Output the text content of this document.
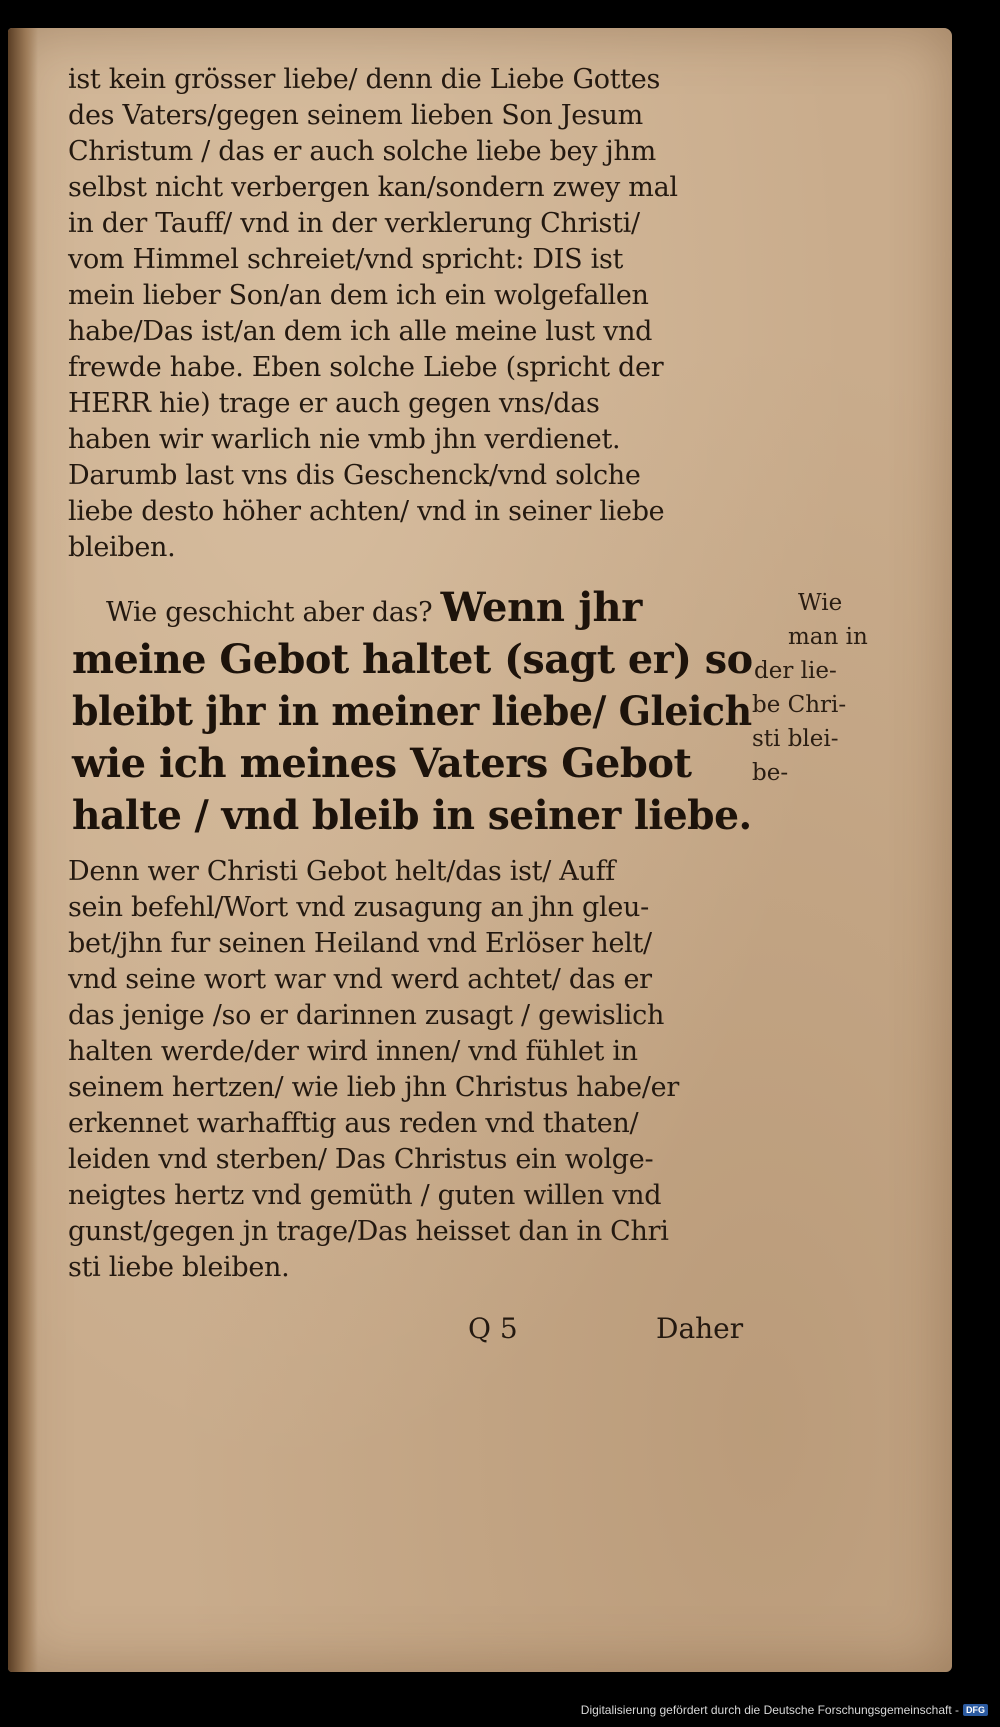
ist kein grösser liebe/ denn die Liebe Gottes

des Vaters/gegen seinem lieben Son Jesum

Christum / das er auch solche liebe bey jhm

selbst nicht verbergen kan/sondern zwey mal

in der Tauff/ vnd in der verklerung Christi/

vom Himmel schreiet/vnd spricht: DIS ist

mein lieber Son/an dem ich ein wolgefallen

habe/Das ist/an dem ich alle meine lust vnd

frewde habe. Eben solche Liebe (spricht der

HERR hie) trage er auch gegen vns/das

haben wir warlich nie vmb jhn verdienet.

Darumb last vns dis Geschenck/vnd solche

liebe desto höher achten/ vnd in seiner liebe

bleiben.

Wie geschicht aber das? Wenn jhr

meine Gebot haltet (sagt er) so

bleibt jhr in meiner liebe/ Gleich

wie ich meines Vaters Gebot

halte / vnd bleib in seiner liebe.

Wie

man in

der lie-

be Chri-

sti blei-

be-

Denn wer Christi Gebot helt/das ist/ Auff

sein befehl/Wort vnd zusagung an jhn gleu-

bet/jhn fur seinen Heiland vnd Erlöser helt/

vnd seine wort war vnd werd achtet/ das er

das jenige /so er darinnen zusagt / gewislich

halten werde/der wird innen/ vnd fühlet in

seinem hertzen/ wie lieb jhn Christus habe/er

erkennet warhafftig aus reden vnd thaten/

leiden vnd sterben/ Das Christus ein wolge-

neigtes hertz vnd gemüth / guten willen vnd

gunst/gegen jn trage/Das heisset dan in Chri

sti liebe bleiben.

Q 5	Daher

Digitalisierung gefördert durch die Deutsche Forschungsgemeinschaft - DFG
